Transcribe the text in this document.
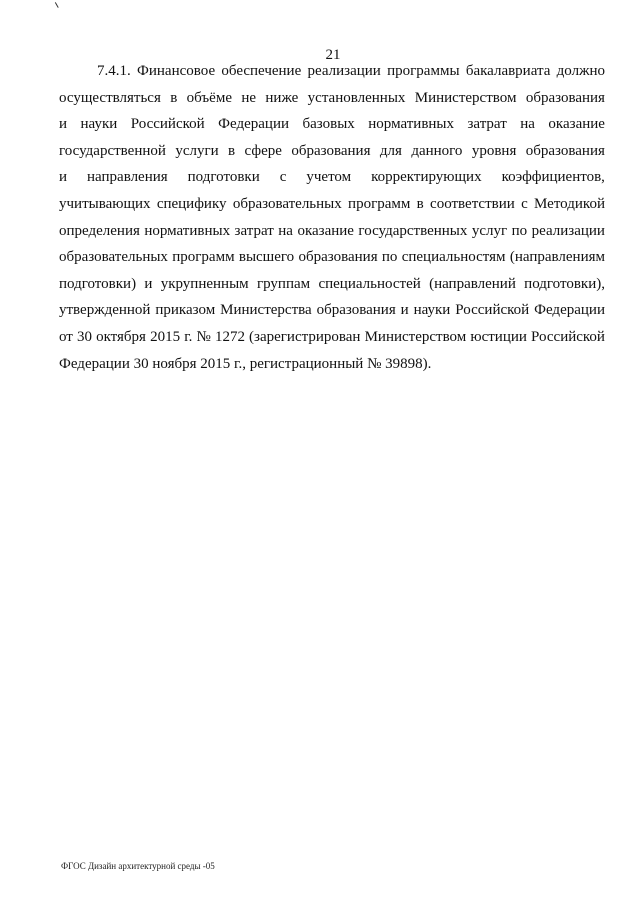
21
7.4.1. Финансовое обеспечение реализации программы бакалавриата должно
осуществляться в объёме не ниже установленных Министерством образования
и науки Российской Федерации базовых нормативных затрат на оказание
государственной услуги в сфере образования для данного уровня образования
и направления подготовки с учетом корректирующих коэффициентов,
учитывающих специфику образовательных программ в соответствии с Методикой
определения нормативных затрат на оказание государственных услуг по реализации
образовательных программ высшего образования по специальностям (направлениям
подготовки) и укрупненным группам специальностей (направлений подготовки),
утвержденной приказом Министерства образования и науки Российской Федерации
от 30 октября 2015 г. № 1272 (зарегистрирован Министерством юстиции Российской
Федерации 30 ноября 2015 г., регистрационный № 39898).
ФГОС Дизайн архитектурной среды -05
